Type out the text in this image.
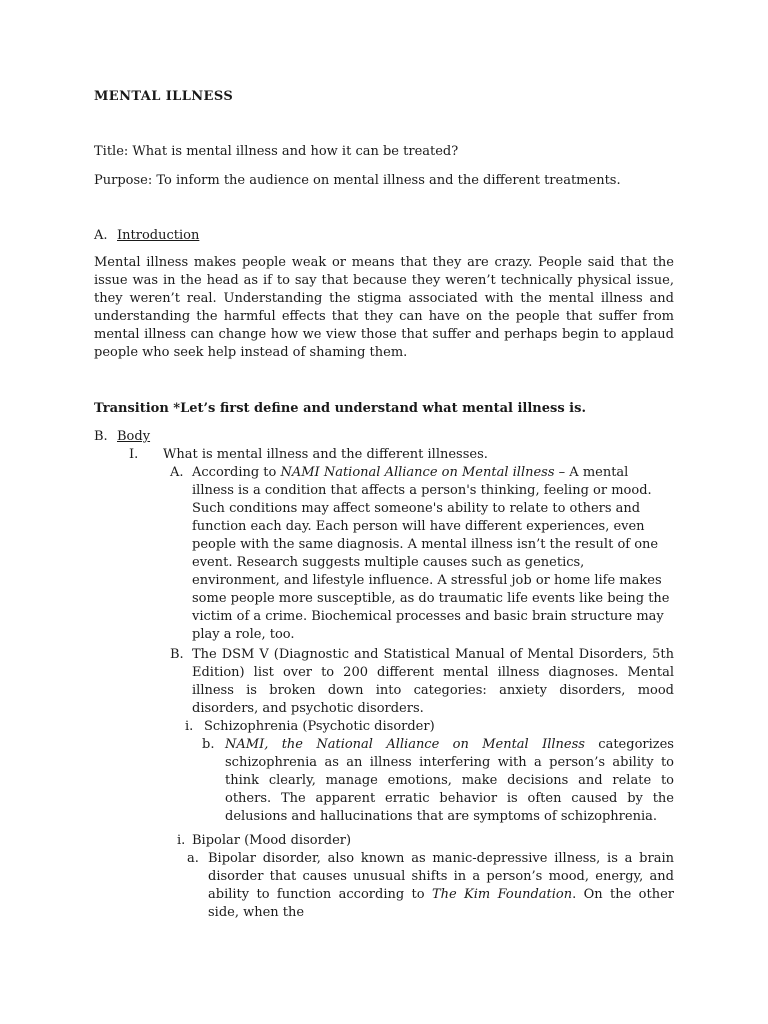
MENTAL ILLNESS

Title: What is mental illness and how it can be treated?

Purpose: To inform the audience on mental illness and the different treatments.

A. Introduction

Mental illness makes people weak or means that they are crazy. People said that the issue was in the head as if to say that because they weren’t technically physical issue, they weren’t real. Understanding the stigma associated with the mental illness and understanding the harmful effects that they can have on the people that suffer from mental illness can change how we view those that suffer and perhaps begin to applaud people who seek help instead of shaming them.

Transition *Let’s first define and understand what mental illness is.

B. Body

I. What is mental illness and the different illnesses.

A. According to NAMI National Alliance on Mental illness – A mental illness is a condition that affects a person's thinking, feeling or mood. Such conditions may affect someone's ability to relate to others and function each day. Each person will have different experiences, even people with the same diagnosis. A mental illness isn’t the result of one event. Research suggests multiple causes such as genetics, environment, and lifestyle influence. A stressful job or home life makes some people more susceptible, as do traumatic life events like being the victim of a crime. Biochemical processes and basic brain structure may play a role, too.

B. The DSM V (Diagnostic and Statistical Manual of Mental Disorders, 5th Edition) list over to 200 different mental illness diagnoses. Mental illness is broken down into categories: anxiety disorders, mood disorders, and psychotic disorders.

i. Schizophrenia (Psychotic disorder)

b. NAMI, the National Alliance on Mental Illness categorizes schizophrenia as an illness interfering with a person’s ability to think clearly, manage emotions, make decisions and relate to others. The apparent erratic behavior is often caused by the delusions and hallucinations that are symptoms of schizophrenia.

i. Bipolar (Mood disorder)

a. Bipolar disorder, also known as manic-depressive illness, is a brain disorder that causes unusual shifts in a person’s mood, energy, and ability to function according to The Kim Foundation. On the other side, when the
